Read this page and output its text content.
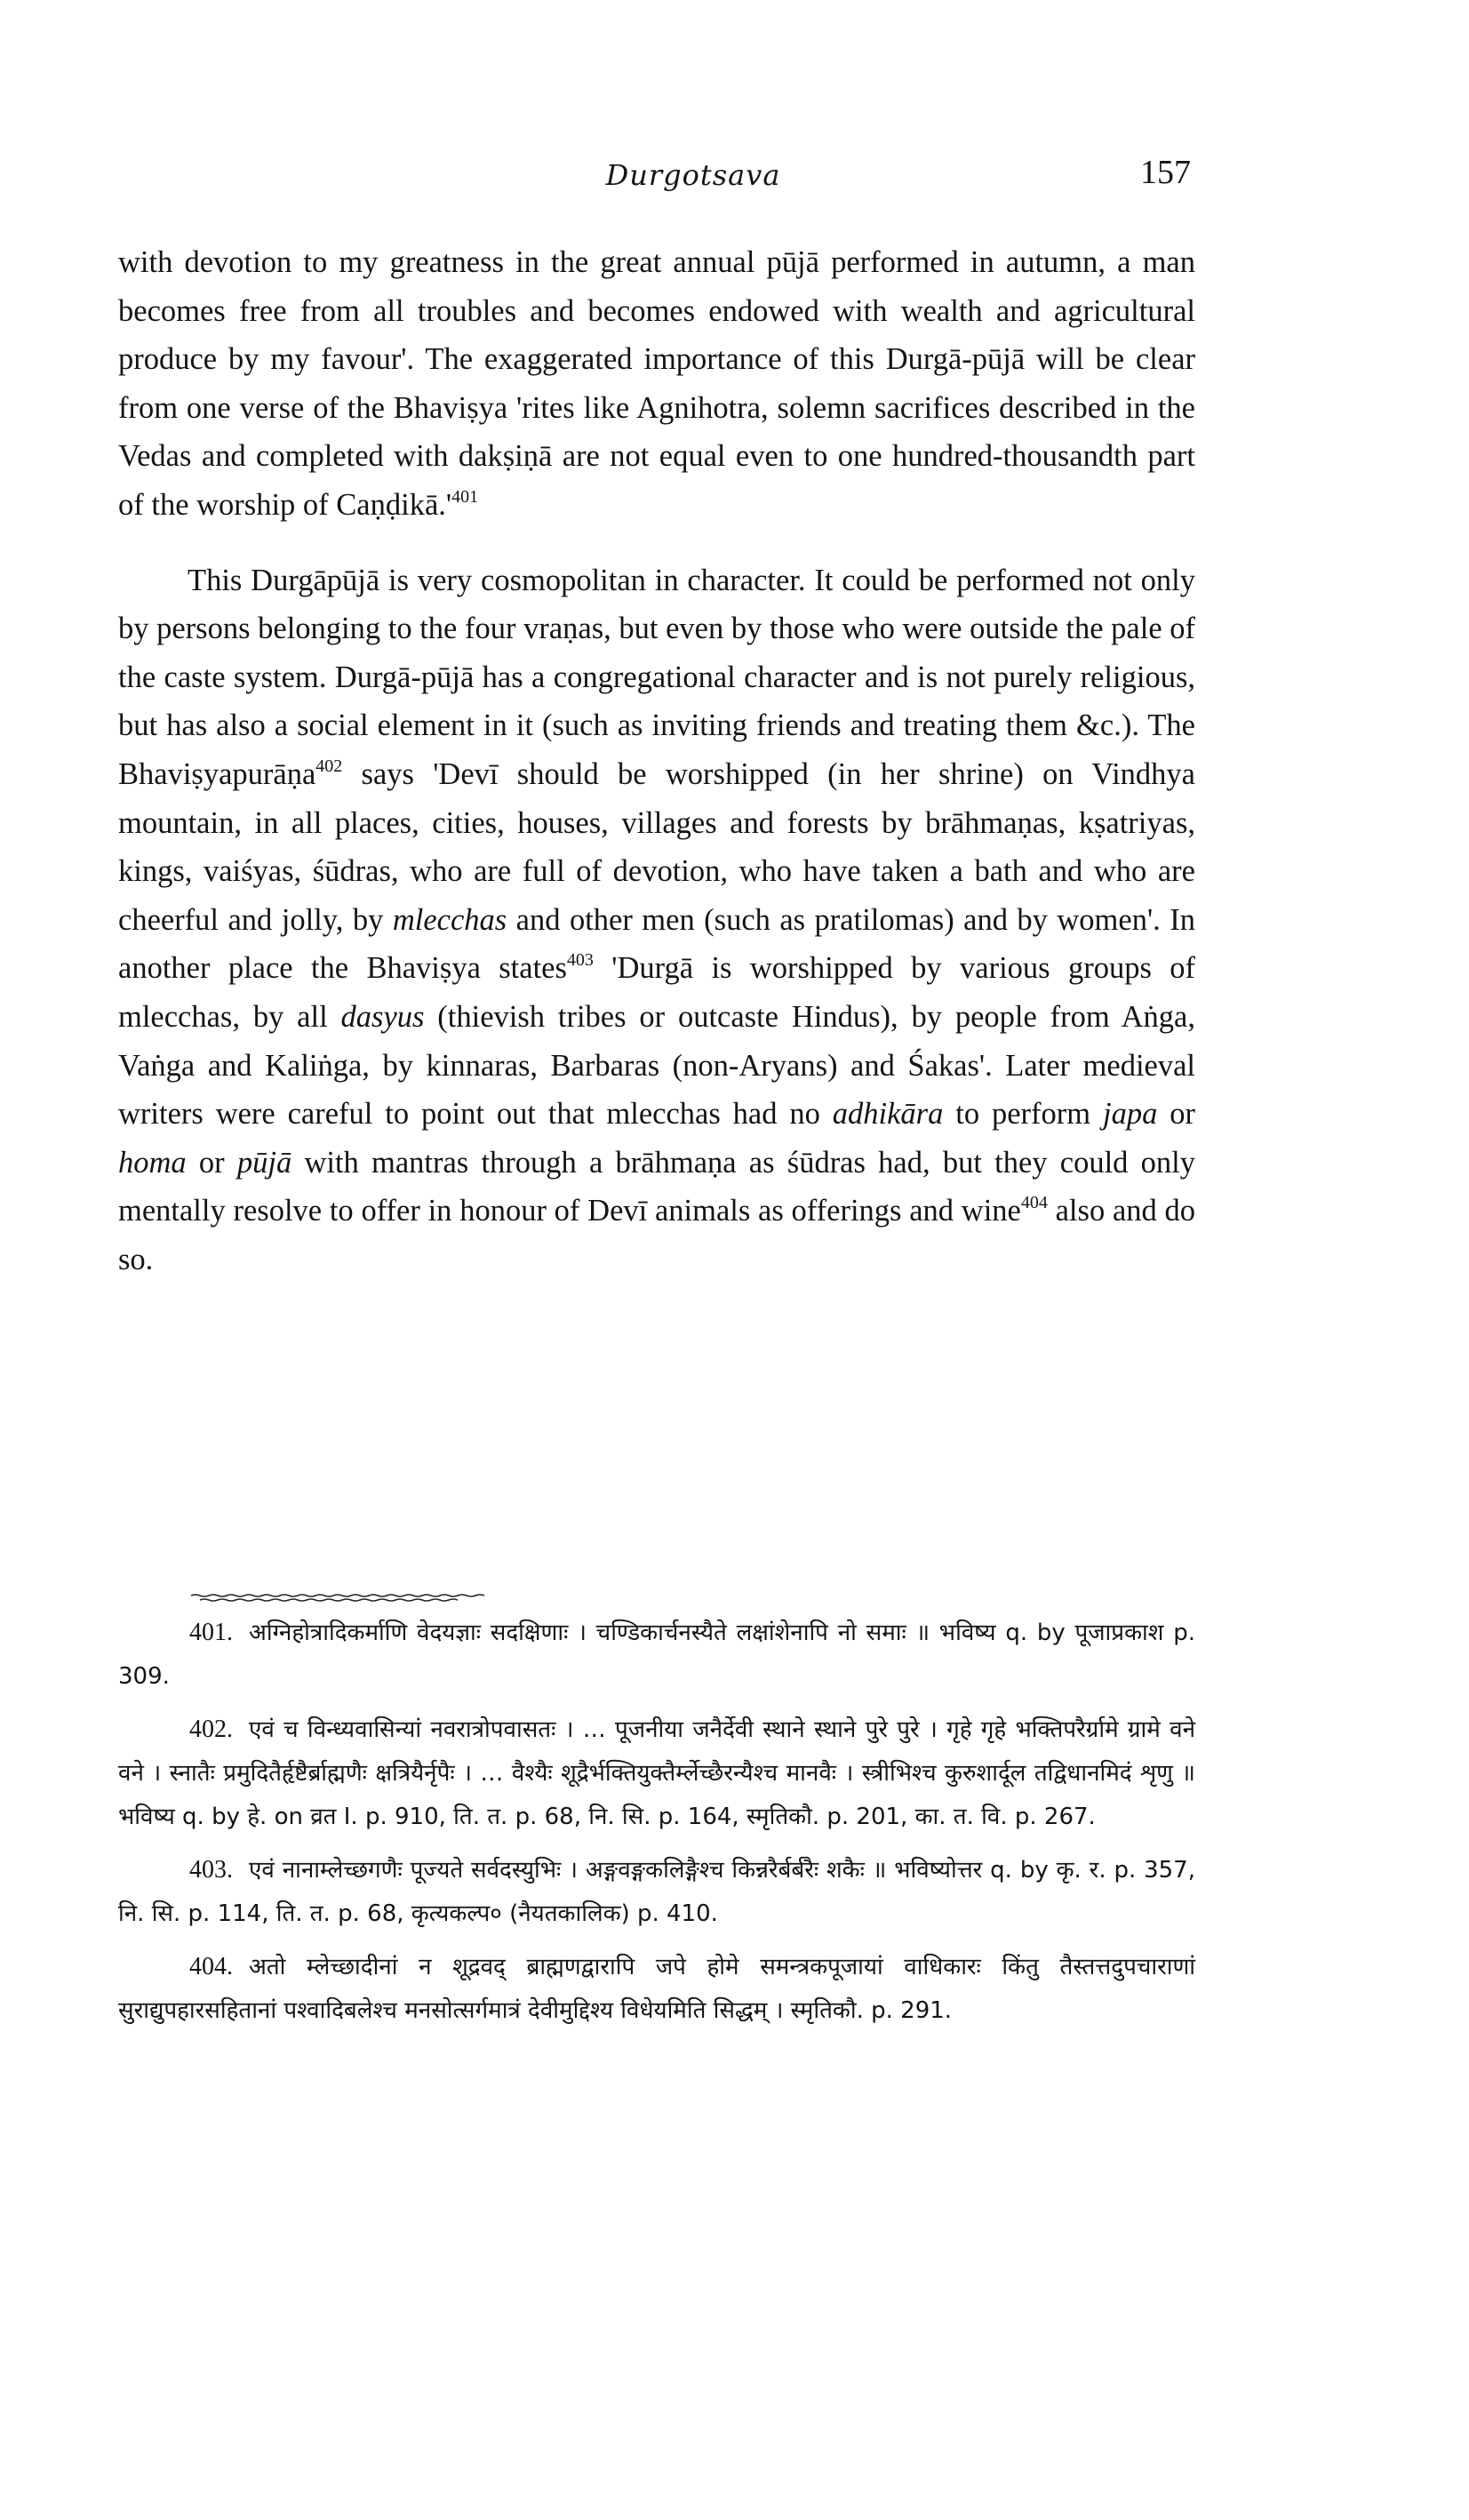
Durgotsava	157

with devotion to my greatness in the great annual pūjā performed in autumn, a man becomes free from all troubles and becomes endowed with wealth and agricultural produce by my favour'. The exaggerated importance of this Durgā-pūjā will be clear from one verse of the Bhaviṣya 'rites like Agnihotra, solemn sacrifices described in the Vedas and completed with dakṣiṇā are not equal even to one hundred-thousandth part of the worship of $Caṇḍikā.'^{401}$

This Durgāpūjā is very cosmopolitan in character. It could be performed not only by persons belonging to the four vraṇas, but even by those who were outside the pale of the caste system. Durgā-pūjā has a congregational character and is not purely religious, but has also a social element in it (such as inviting friends and treating them &c.). The Bhaviṣyapurāṇa$^{402}$ says 'Devī should be worshipped (in her shrine) on Vindhya mountain, in all places, cities, houses, villages and forests by brāhmaṇas, kṣatriyas, kings, vaiśyas, śūdras, who are full of devotion, who have taken a bath and who are cheerful and jolly, by mlecchas and other men (such as pratilomas) and by women'. In another place the Bhaviṣya states$^{403}$ 'Durgā is worshipped by various groups of mlecchas, by all dasyus (thievish tribes or outcaste Hindus), by people from Aṅga, Vaṅga and Kaliṅga, by kinnaras, Barbaras (non-Aryans) and Śakas'. Later medieval writers were careful to point out that mlecchas had no adhikāra to perform japa or homa or pūjā with mantras through a brāhmaṇa as śūdras had, but they could only mentally resolve to offer in honour of Devī animals as offerings and wine$^{404}$ also and do so.

401. अग्निहोत्रादिकर्माणि वेदयज्ञाः सदक्षिणाः । चण्डिकार्चनस्यैते लक्षांशेनापि नो समाः ॥ भविष्य q. by पूजाप्रकाश p. 309.

402. एवं च विन्ध्यवासिन्यां नवरात्रोपवासतः । … पूजनीया जनैर्देवी स्थाने स्थाने पुरे पुरे । गृहे गृहे भक्तिपरैर्ग्रामे ग्रामे वने वने । स्नातैः प्रमुदितैर्हृष्टैर्ब्राह्मणैः क्षत्रियैर्नृपैः । … वैश्यैः शूद्रैर्भक्तियुक्तैर्म्लेच्छैरन्यैश्च मानवैः । स्त्रीभिश्च कुरुशार्दूल तद्विधानमिदं शृणु ॥ भविष्य q. by हे. on व्रत I. p. 910, ति. त. p. 68, नि. सि. p. 164, स्मृतिकौ. p. 201, का. त. वि. p. 267.

403. एवं नानाम्लेच्छगणैः पूज्यते सर्वदस्युभिः । अङ्गवङ्गकलिङ्गैश्च किन्नरैर्बर्बरैः शकैः ॥ भविष्योत्तर q. by कृ. र. p. 357, नि. सि. p. 114, ति. त. p. 68, कृत्यकल्प० (नैयतकालिक) p. 410.

404. अतो म्लेच्छादीनां न शूद्रवद् ब्राह्मणद्वारापि जपे होमे समन्त्रकपूजायां वाधिकारः किंतु तैस्तत्तदुपचाराणां सुराद्युपहारसहितानां पश्वादिबलेश्च मनसोत्सर्गमात्रं देवीमुद्दिश्य विधेयमिति सिद्धम् । स्मृतिकौ. p. 291.
